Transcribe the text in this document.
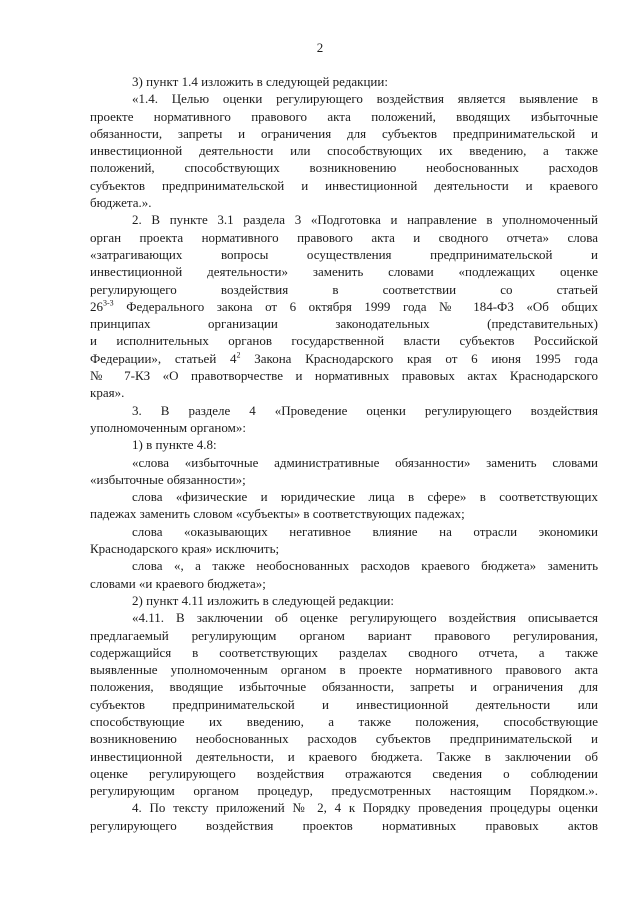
2
3) пункт 1.4 изложить в следующей редакции:
«1.4. Целью оценки регулирующего воздействия является выявление в
проекте нормативного правового акта положений, вводящих избыточные
обязанности, запреты и ограничения для субъектов предпринимательской и
инвестиционной деятельности или способствующих их введению, а также
положений, способствующих возникновению необоснованных расходов
субъектов предпринимательской и инвестиционной деятельности и краевого
бюджета.».
2. В пункте 3.1 раздела 3 «Подготовка и направление в уполномоченный
орган проекта нормативного правового акта и сводного отчета» слова
«затрагивающих вопросы осуществления предпринимательской и
инвестиционной деятельности» заменить словами «подлежащих оценке
регулирующего воздействия в соответствии со статьей
26$^{3-3}$ Федерального закона от 6 октября 1999 года № 184-ФЗ «Об общих
принципах организации законодательных (представительных)
и исполнительных органов государственной власти субъектов Российской
Федерации», статьей $4^2$ Закона Краснодарского края от 6 июня 1995 года
№ 7-КЗ «О правотворчестве и нормативных правовых актах Краснодарского
края».
3. В разделе 4 «Проведение оценки регулирующего воздействия
уполномоченным органом»:
1) в пункте 4.8:
«слова «избыточные административные обязанности» заменить словами
«избыточные обязанности»;
слова «физические и юридические лица в сфере» в соответствующих
падежах заменить словом «субъекты» в соответствующих падежах;
слова «оказывающих негативное влияние на отрасли экономики
Краснодарского края» исключить;
слова «, а также необоснованных расходов краевого бюджета» заменить
словами «и краевого бюджета»;
2) пункт 4.11 изложить в следующей редакции:
«4.11. В заключении об оценке регулирующего воздействия описывается
предлагаемый регулирующим органом вариант правового регулирования,
содержащийся в соответствующих разделах сводного отчета, а также
выявленные уполномоченным органом в проекте нормативного правового акта
положения, вводящие избыточные обязанности, запреты и ограничения для
субъектов предпринимательской и инвестиционной деятельности или
способствующие их введению, а также положения, способствующие
возникновению необоснованных расходов субъектов предпринимательской и
инвестиционной деятельности, и краевого бюджета. Также в заключении об
оценке регулирующего воздействия отражаются сведения о соблюдении
регулирующим органом процедур, предусмотренных настоящим Порядком.».
4. По тексту приложений № 2, 4 к Порядку проведения процедуры оценки
регулирующего воздействия проектов нормативных правовых актов
